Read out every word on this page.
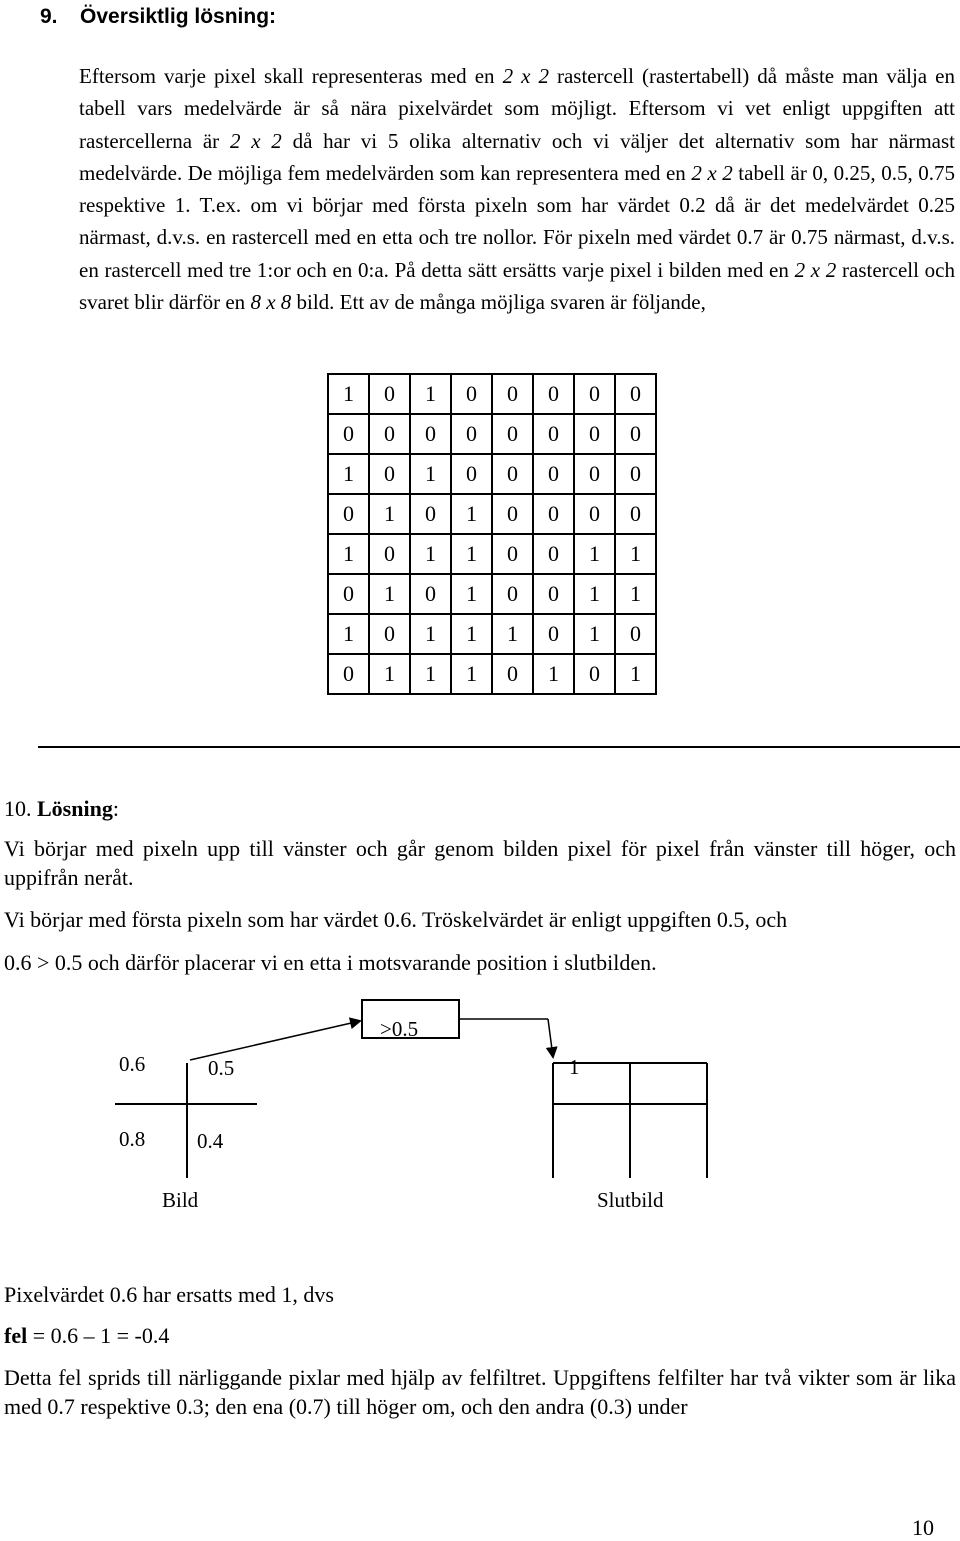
9. Översiktlig lösning:
Eftersom varje pixel skall representeras med en 2 x 2 rastercell (rastertabell) då måste man välja en tabell vars medelvärde är så nära pixelvärdet som möjligt. Eftersom vi vet enligt uppgiften att rastercellerna är 2 x 2 då har vi 5 olika alternativ och vi väljer det alternativ som har närmast medelvärde. De möjliga fem medelvärden som kan representera med en 2 x 2 tabell är 0, 0.25, 0.5, 0.75 respektive 1. T.ex. om vi börjar med första pixeln som har värdet 0.2 då är det medelvärdet 0.25 närmast, d.v.s. en rastercell med en etta och tre nollor. För pixeln med värdet 0.7 är 0.75 närmast, d.v.s. en rastercell med tre 1:or och en 0:a. På detta sätt ersätts varje pixel i bilden med en 2 x 2 rastercell och svaret blir därför en 8 x 8 bild. Ett av de många möjliga svaren är följande,
1	0	1	0	0	0	0	0
0	0	0	0	0	0	0	0
1	0	1	0	0	0	0	0
0	1	0	1	0	0	0	0
1	0	1	1	0	0	1	1
0	1	0	1	0	0	1	1
1	0	1	1	1	0	1	0
0	1	1	1	0	1	0	1
10. Lösning:
Vi börjar med pixeln upp till vänster och går genom bilden pixel för pixel från vänster till höger, och uppifrån neråt.
Vi börjar med första pixeln som har värdet 0.6. Tröskelvärdet är enligt uppgiften 0.5, och
0.6 > 0.5 och därför placerar vi en etta i motsvarande position i slutbilden.
0.6	0.5
0.8 0.4
>0.5
1
Bild	Slutbild
Pixelvärdet 0.6 har ersatts med 1, dvs
fel = 0.6 – 1 = -0.4
Detta fel sprids till närliggande pixlar med hjälp av felfiltret. Uppgiftens felfilter har två vikter som är lika med 0.7 respektive 0.3; den ena (0.7) till höger om, och den andra (0.3) under
10
